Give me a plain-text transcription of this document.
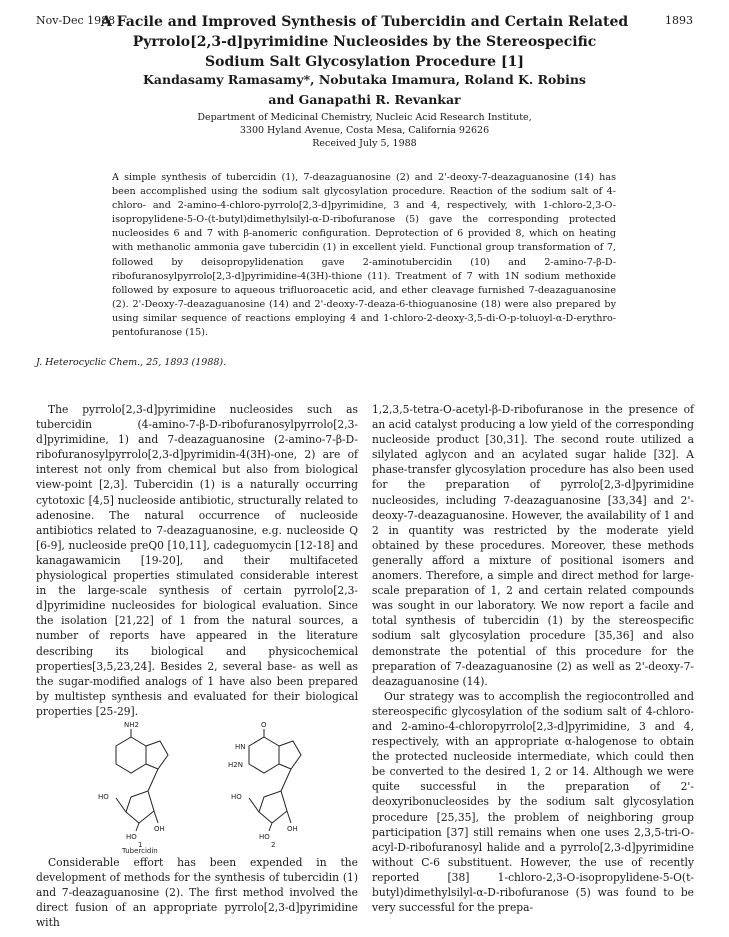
Nov-Dec 1988	1893
A Facile and Improved Synthesis of Tubercidin and Certain Related
Pyrrolo[2,3-d]pyrimidine Nucleosides by the Stereospecific
Sodium Salt Glycosylation Procedure [1]
Kandasamy Ramasamy*, Nobutaka Imamura, Roland K. Robins
and Ganapathi R. Revankar
Department of Medicinal Chemistry, Nucleic Acid Research Institute,
3300 Hyland Avenue, Costa Mesa, California 92626
Received July 5, 1988
A simple synthesis of tubercidin (1), 7-deazaguanosine (2) and 2'-deoxy-7-deazaguanosine (14) has been accomplished using the sodium salt glycosylation procedure. Reaction of the sodium salt of 4-chloro- and 2-amino-4-chloro-pyrrolo[2,3-d]pyrimidine, 3 and 4, respectively, with 1-chloro-2,3-O-isopropylidene-5-O-(t-butyl)dimethylsilyl-α-D-ribofuranose (5) gave the corresponding protected nucleosides 6 and 7 with β-anomeric configuration. Deprotection of 6 provided 8, which on heating with methanolic ammonia gave tubercidin (1) in excellent yield. Functional group transformation of 7, followed by deisopropylidenation gave 2-aminotubercidin (10) and 2-amino-7-β-D-ribofuranosylpyrrolo[2,3-d]pyrimidine-4(3H)-thione (11). Treatment of 7 with 1N sodium methoxide followed by exposure to aqueous trifluoroacetic acid, and ether cleavage furnished 7-deazaguanosine (2). 2'-Deoxy-7-deazaguanosine (14) and 2'-deoxy-7-deaza-6-thioguanosine (18) were also prepared by using similar sequence of reactions employing 4 and 1-chloro-2-deoxy-3,5-di-O-p-toluoyl-α-D-erythro-pentofuranose (15).
J. Heterocyclic Chem., 25, 1893 (1988).

The pyrrolo[2,3-d]pyrimidine nucleosides such as tubercidin (4-amino-7-β-D-ribofuranosylpyrrolo[2,3-d]pyrimidine, 1) and 7-deazaguanosine (2-amino-7-β-D-ribofuranosylpyrrolo[2,3-d]pyrimidin-4(3H)-one, 2) are of interest not only from chemical but also from biological view-point [2,3]. Tubercidin (1) is a naturally occurring cytotoxic [4,5] nucleoside antibiotic, structurally related to adenosine. The natural occurrence of nucleoside antibiotics related to 7-deazaguanosine, e.g. nucleoside Q [6-9], nucleoside preQ0 [10,11], cadeguomycin [12-18] and kanagawamicin [19-20], and their multifaceted physiological properties stimulated considerable interest in the large-scale synthesis of certain pyrrolo[2,3-d]pyrimidine nucleosides for biological evaluation. Since the isolation [21,22] of 1 from the natural sources, a number of reports have appeared in the literature describing its biological and physicochemical properties[3,5,23,24]. Besides 2, several base- as well as the sugar-modified analogs of 1 have also been prepared by multistep synthesis and evaluated for their biological properties [25-29].

NH2
HO
HO
OH
1
Tubercidin
O
HN
H2N
HO
HO
OH
2

Considerable effort has been expended in the development of methods for the synthesis of tubercidin (1) and 7-deazaguanosine (2). The first method involved the direct fusion of an appropriate pyrrolo[2,3-d]pyrimidine with

1,2,3,5-tetra-O-acetyl-β-D-ribofuranose in the presence of an acid catalyst producing a low yield of the corresponding nucleoside product [30,31]. The second route utilized a silylated aglycon and an acylated sugar halide [32]. A phase-transfer glycosylation procedure has also been used for the preparation of pyrrolo[2,3-d]pyrimidine nucleosides, including 7-deazaguanosine [33,34] and 2'-deoxy-7-deazaguanosine. However, the availability of 1 and 2 in quantity was restricted by the moderate yield obtained by these procedures. Moreover, these methods generally afford a mixture of positional isomers and anomers. Therefore, a simple and direct method for large-scale preparation of 1, 2 and certain related compounds was sought in our laboratory. We now report a facile and total synthesis of tubercidin (1) by the stereospecific sodium salt glycosylation procedure [35,36] and also demonstrate the potential of this procedure for the preparation of 7-deazaguanosine (2) as well as 2'-deoxy-7-deazaguanosine (14).

Our strategy was to accomplish the regiocontrolled and stereospecific glycosylation of the sodium salt of 4-chloro- and 2-amino-4-chloropyrrolo[2,3-d]pyrimidine, 3 and 4, respectively, with an appropriate α-halogenose to obtain the protected nucleoside intermediate, which could then be converted to the desired 1, 2 or 14. Although we were quite successful in the preparation of 2'-deoxyribonucleosides by the sodium salt glycosylation procedure [25,35], the problem of neighboring group participation [37] still remains when one uses 2,3,5-tri-O-acyl-D-ribofuranosyl halide and a pyrrolo[2,3-d]pyrimidine without C-6 substituent. However, the use of recently reported [38] 1-chloro-2,3-O-isopropylidene-5-O(t-butyl)dimethylsilyl-α-D-ribofuranose (5) was found to be very successful for the prepa-
